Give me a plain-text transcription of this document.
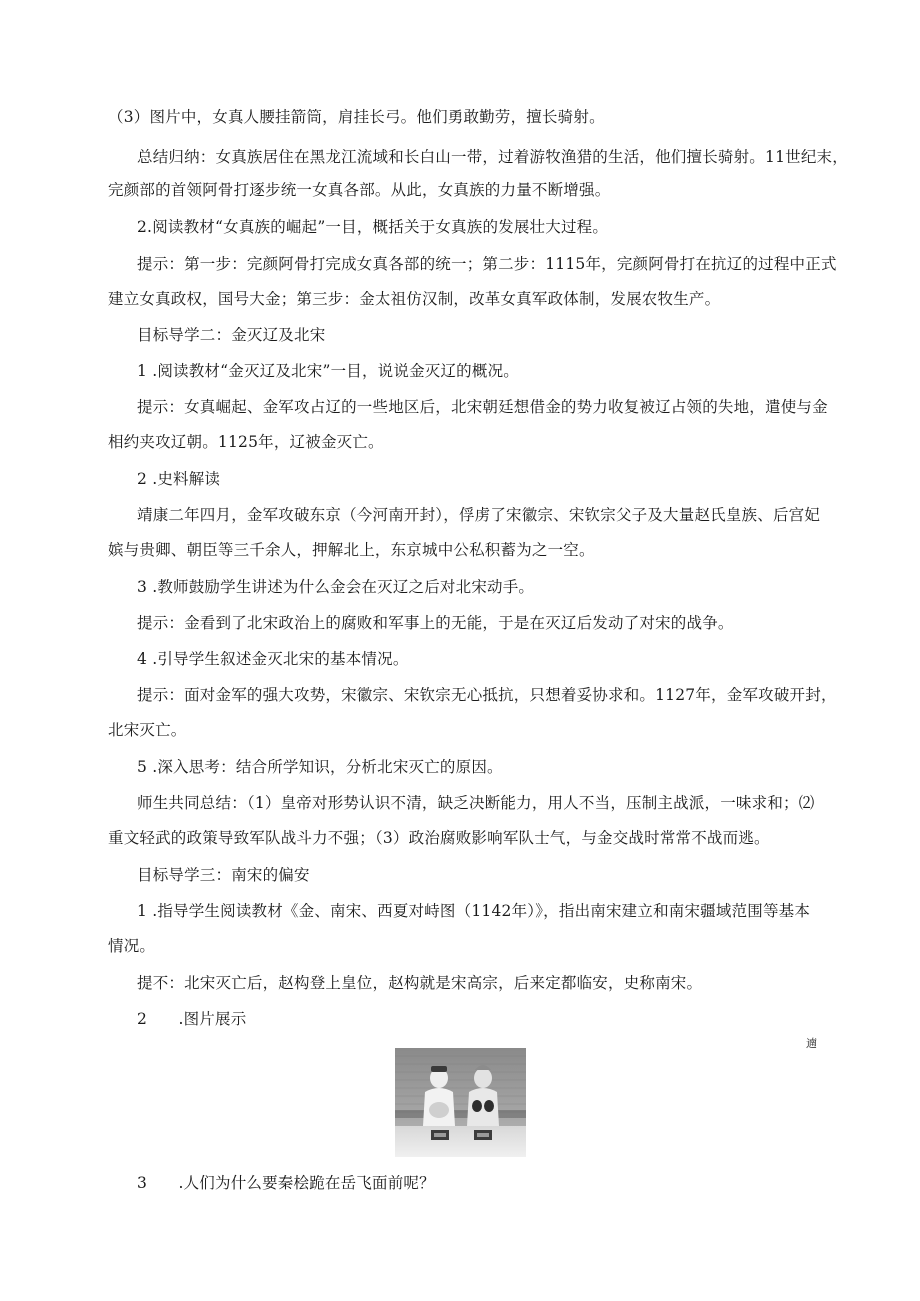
（3）图片中，女真人腰挂箭筒，肩挂长弓。他们勇敢勤劳，擅长骑射。
总结归纳：女真族居住在黑龙江流域和长白山一带，过着游牧渔猎的生活，他们擅长骑射。11世纪末，
完颜部的首领阿骨打逐步统一女真各部。从此，女真族的力量不断增强。
2.阅读教材“女真族的崛起”一目，概括关于女真族的发展壮大过程。
提示：第一步：完颜阿骨打完成女真各部的统一；第二步：1115年，完颜阿骨打在抗辽的过程中正式
建立女真政权，国号大金；第三步：金太祖仿汉制，改革女真军政体制，发展农牧生产。
目标导学二：金灭辽及北宋
1 .阅读教材“金灭辽及北宋”一目，说说金灭辽的概况。
提示：女真崛起、金军攻占辽的一些地区后，北宋朝廷想借金的势力收复被辽占领的失地，遣使与金
相约夹攻辽朝。1125年，辽被金灭亡。
2 .史料解读
靖康二年四月，金军攻破东京（今河南开封），俘虏了宋徽宗、宋钦宗父子及大量赵氏皇族、后宫妃
嫔与贵卿、朝臣等三千余人，押解北上，东京城中公私积蓄为之一空。
3 .教师鼓励学生讲述为什么金会在灭辽之后对北宋动手。
提示：金看到了北宋政治上的腐败和军事上的无能，于是在灭辽后发动了对宋的战争。
4 .引导学生叙述金灭北宋的基本情况。
提示：面对金军的强大攻势，宋徽宗、宋钦宗无心抵抗，只想着妥协求和。1127年，金军攻破开封，
北宋灭亡。
5 .深入思考：结合所学知识，分析北宋灭亡的原因。
师生共同总结：（1）皇帝对形势认识不清，缺乏决断能力，用人不当，压制主战派，一味求和；⑵
重文轻武的政策导致军队战斗力不强；（3）政治腐败影响军队士气，与金交战时常常不战而逃。
目标导学三：南宋的偏安
1 .指导学生阅读教材《金、南宋、西夏对峙图（1142年）》，指出南宋建立和南宋疆域范围等基本
情况。
提不：北宋灭亡后，赵构登上皇位，赵构就是宋高宗，后来定都临安，史称南宋。
2　　.图片展示
遖
3　　.人们为什么要秦桧跪在岳飞面前呢？
